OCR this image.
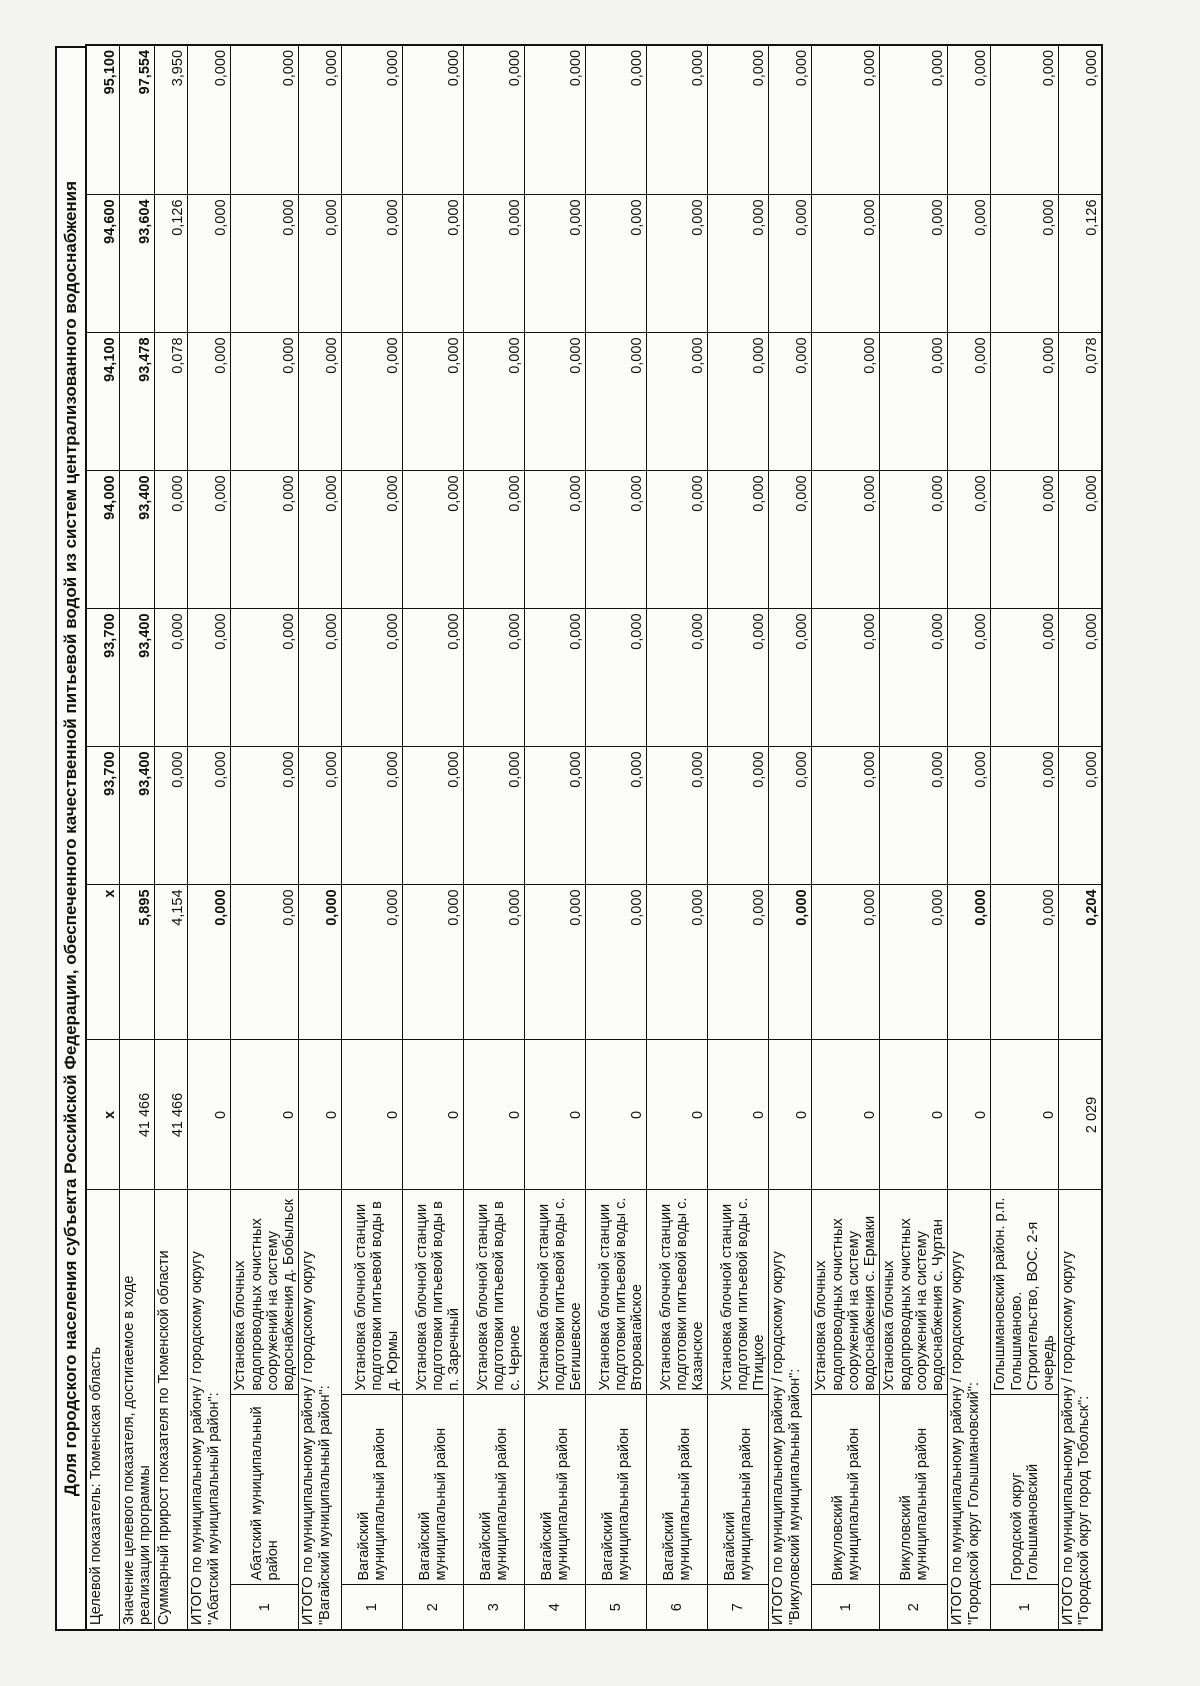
Доля городского населения субъекта Российской Федерации, обеспеченного качественной питьевой водой из систем централизованного водоснабжения Целевой показатель: Тюменская область			x	x	93,700	93,700	94,000	94,100	94,600	95,100
Значение целевого показателя, достигаемое в ходе реализации программы			41 466	5,895	93,400	93,400	93,400	93,478	93,604	97,554
Суммарный прирост показателя по Тюменской области			41 466	4,154	0,000	0,000	0,000	0,078	0,126	3,950
ИТОГО по муниципальному району / городскому округу "Абатский муниципальный район":			0	0,000	0,000	0,000	0,000	0,000	0,000	0,000
1	Абатский муниципальный район	Установка блочных водопроводных очистных сооружений на систему водоснабжения д. Бобыльск	0	0,000	0,000	0,000	0,000	0,000	0,000	0,000
ИТОГО по муниципальному району / городскому округу "Вагайский муниципальный район":			0	0,000	0,000	0,000	0,000	0,000	0,000	0,000
1	Вагайский муниципальный район	Установка блочной станции подготовки питьевой воды в д. Юрмы	0	0,000	0,000	0,000	0,000	0,000	0,000	0,000
2	Вагайский муниципальный район	Установка блочной станции подготовки питьевой воды в п. Заречный	0	0,000	0,000	0,000	0,000	0,000	0,000	0,000
3	Вагайский муниципальный район	Установка блочной станции подготовки питьевой воды в с. Черное	0	0,000	0,000	0,000	0,000	0,000	0,000	0,000
4	Вагайский муниципальный район	Установка блочной станции подготовки питьевой воды с. Бегишевское	0	0,000	0,000	0,000	0,000	0,000	0,000	0,000
5	Вагайский муниципальный район	Установка блочной станции подготовки питьевой воды с. Второвагайское	0	0,000	0,000	0,000	0,000	0,000	0,000	0,000
6	Вагайский муниципальный район	Установка блочной станции подготовки питьевой воды с. Казанское	0	0,000	0,000	0,000	0,000	0,000	0,000	0,000
7	Вагайский муниципальный район	Установка блочной станции подготовки питьевой воды с. Птицкое	0	0,000	0,000	0,000	0,000	0,000	0,000	0,000
ИТОГО по муниципальному району / городскому округу "Викуловский муниципальный район":			0	0,000	0,000	0,000	0,000	0,000	0,000	0,000
1	Викуловский муниципальный район	Установка блочных водопроводных очистных сооружений на систему водоснабжения с. Ермаки	0	0,000	0,000	0,000	0,000	0,000	0,000	0,000
2	Викуловский муниципальный район	Установка блочных водопроводных очистных сооружений на систему водоснабжения с. Чуртан	0	0,000	0,000	0,000	0,000	0,000	0,000	0,000
ИТОГО по муниципальному району / городскому округу "Городской округ Голышмановский":			0	0,000	0,000	0,000	0,000	0,000	0,000	0,000
1	Городской округ Голышмановский	Голышмановский район. р.п. Голышманово. Строительство, ВОС. 2-я очередь	0	0,000	0,000	0,000	0,000	0,000	0,000	0,000
ИТОГО по муниципальному району / городскому округу "Городской округ город Тобольск":			2 029	0,204	0,000	0,000	0,000	0,078	0,126	0,000
